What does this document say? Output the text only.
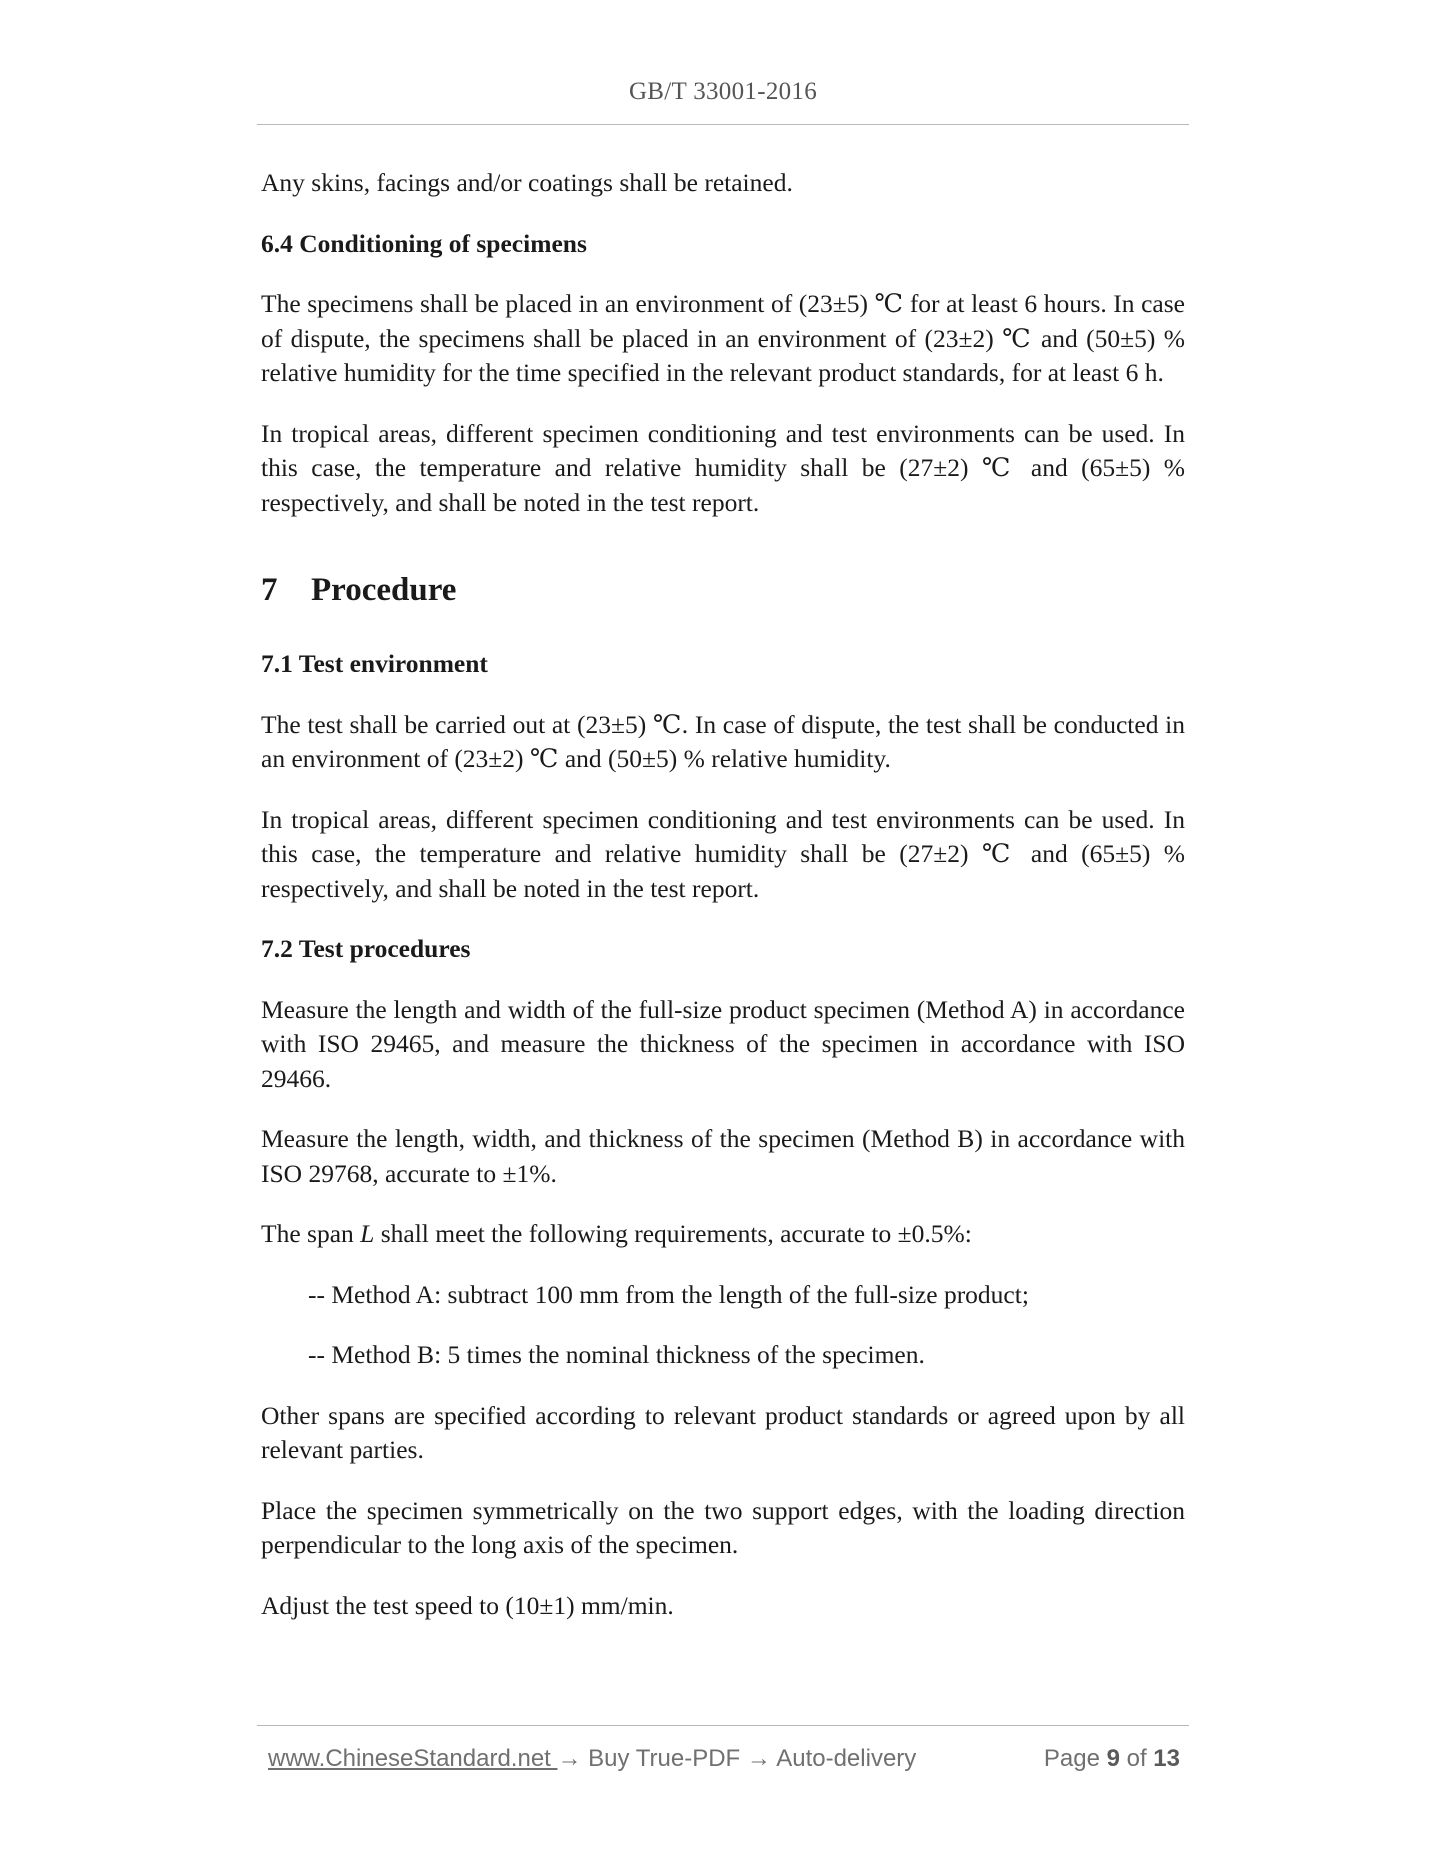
GB/T 33001-2016

Any skins, facings and/or coatings shall be retained.

6.4 Conditioning of specimens

The specimens shall be placed in an environment of (23±5) ℃ for at least 6 hours. In case of dispute, the specimens shall be placed in an environment of (23±2) ℃ and (50±5) % relative humidity for the time specified in the relevant product standards, for at least 6 h.

In tropical areas, different specimen conditioning and test environments can be used. In this case, the temperature and relative humidity shall be (27±2) ℃ and (65±5) % respectively, and shall be noted in the test report.

7 Procedure
7.1 Test environment

The test shall be carried out at (23±5) ℃. In case of dispute, the test shall be conducted in an environment of (23±2) ℃ and (50±5) % relative humidity.

In tropical areas, different specimen conditioning and test environments can be used. In this case, the temperature and relative humidity shall be (27±2) ℃ and (65±5) % respectively, and shall be noted in the test report.

7.2 Test procedures

Measure the length and width of the full-size product specimen (Method A) in accordance with ISO 29465, and measure the thickness of the specimen in accordance with ISO 29466.

Measure the length, width, and thickness of the specimen (Method B) in accordance with ISO 29768, accurate to ±1%.

The span L shall meet the following requirements, accurate to ±0.5%:

-- Method A: subtract 100 mm from the length of the full-size product;

-- Method B: 5 times the nominal thickness of the specimen.

Other spans are specified according to relevant product standards or agreed upon by all relevant parties.

Place the specimen symmetrically on the two support edges, with the loading direction perpendicular to the long axis of the specimen.

Adjust the test speed to (10±1) mm/min.

www.ChineseStandard.net → Buy True-PDF → Auto-delivery	Page 9 of 13
